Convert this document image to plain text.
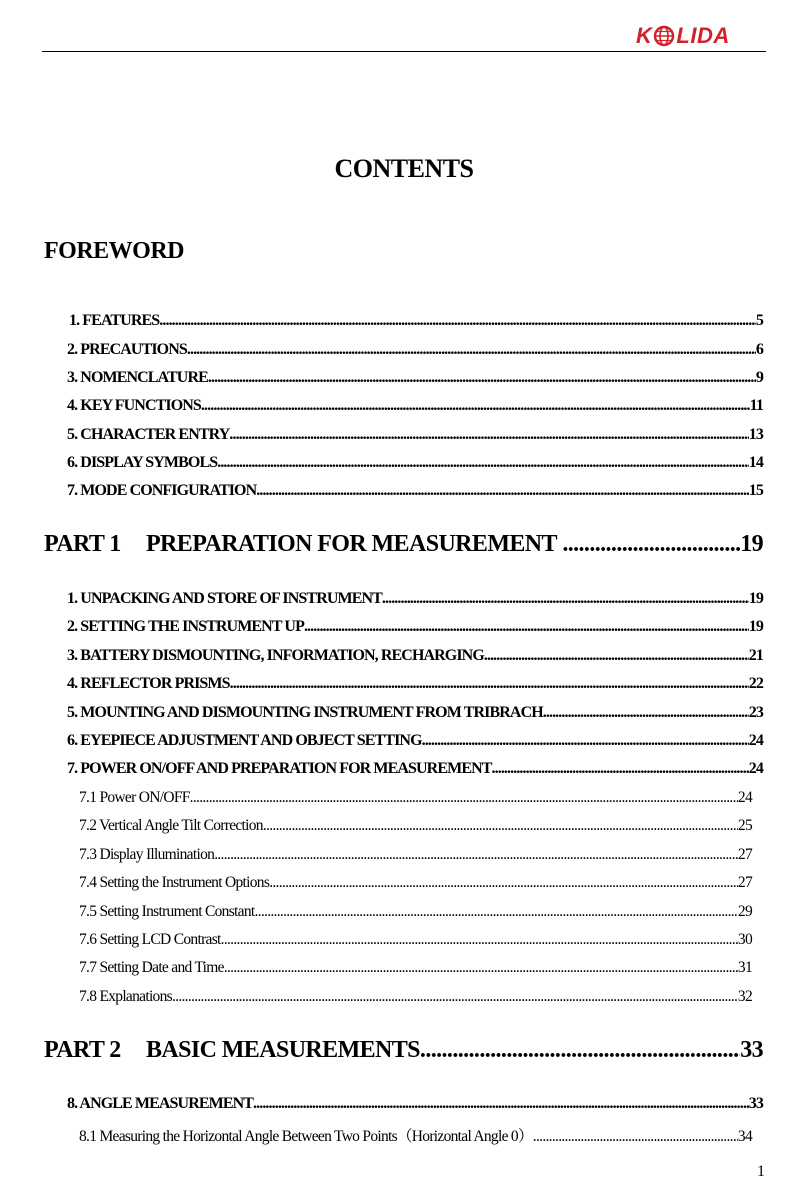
K LIDA
CONTENTS
FOREWORD
1. FEATURES .....	5
2. PRECAUTIONS .....	6
3. NOMENCLATURE .....	9
4. KEY FUNCTIONS .....	11
5. CHARACTER ENTRY .....	13
6. DISPLAY SYMBOLS .....	14
7. MODE CONFIGURATION .....	15
PART 1 PREPARATION FOR MEASUREMENT .....	19
1. UNPACKING AND STORE OF INSTRUMENT .....	19
2. SETTING THE INSTRUMENT UP .....	19
3. BATTERY DISMOUNTING, INFORMATION, RECHARGING .....	21
4. REFLECTOR PRISMS .....	22
5. MOUNTING AND DISMOUNTING INSTRUMENT FROM TRIBRACH .....	23
6. EYEPIECE ADJUSTMENT AND OBJECT SETTING .....	24
7. POWER ON/OFF AND PREPARATION FOR MEASUREMENT .....	24
7.1 Power ON/OFF .....	24
7.2 Vertical Angle Tilt Correction .....	25
7.3 Display Illumination .....	27
7.4 Setting the Instrument Options .....	27
7.5 Setting Instrument Constant .....	29
7.6 Setting LCD Contrast .....	30
7.7 Setting Date and Time .....	31
7.8 Explanations .....	32
PART 2 BASIC MEASUREMENTS .....	33
8. ANGLE MEASUREMENT .....	33
8.1 Measuring the Horizontal Angle Between Two Points（Horizontal Angle 0） .....	34
1
